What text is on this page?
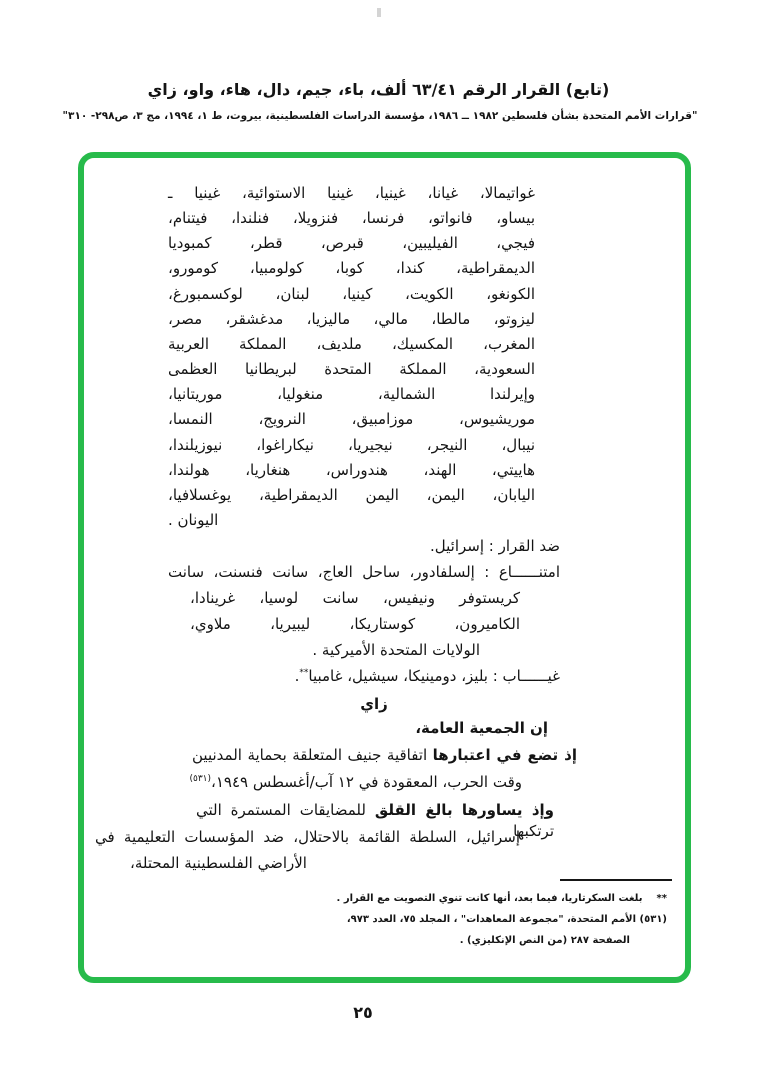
(تابع) القرار الرقم ٦٣/٤١ ألف، باء، جيم، دال، هاء، واو، زاي
"قرارات الأمم المتحدة بشأن فلسطين ١٩٨٢ ــ ١٩٨٦، مؤسسة الدراسات الفلسطينية، بيروت، ط ١، ١٩٩٤، مج ٣، ص٢٩٨- ٣١٠"
غواتيمالا، غيانا، غينيا، غينيا الاستوائية، غينيا ـ
بيساو، فانواتو، فرنسا، فنزويلا، فنلندا، فيتنام،
فيجي، الفيليبين، قبرص، قطر، كمبوديا
الديمقراطية، كندا، كوبا، كولومبيا، كومورو،
الكونغو، الكويت، كينيا، لبنان، لوكسمبورغ،
ليزوتو، مالطا، مالي، ماليزيا، مدغشقر، مصر،
المغرب، المكسيك، ملديف، المملكة العربية
السعودية، المملكة المتحدة لبريطانيا العظمى
وإيرلندا الشمالية، منغوليا، موريتانيا،
موريشيوس، موزامبيق، النرويج، النمسا،
نيبال، النيجر، نيجيريا، نيكاراغوا، نيوزيلندا،
هاييتي، الهند، هندوراس، هنغاريا، هولندا،
اليابان، اليمن، اليمن الديمقراطية، يوغسلافيا،
اليونان .
ضد القرار : إسرائيل.
امتنــــــاع : إلسلفادور، ساحل العاج، سانت فنسنت، سانت
كريستوفر ونيفيس، سانت لوسيا، غرينادا،
الكاميرون، كوستاريكا، ليبيريا، ملاوي،
الولايات المتحدة الأميركية .
غيــــــاب : بليز، دومينيكا، سيشيل، غامبيا**.
زاي
إن الجمعية العامة،
إذ تضع في اعتبارها اتفاقية جنيف المتعلقة بحماية المدنيين
وقت الحرب، المعقودة في ١٢ آب/أغسطس ١٩٤٩،$^{(٥٣١)}$
وإذ يساورها بالغ القلق للمضايقات المستمرة التي ترتكبها
إسرائيل، السلطة القائمة بالاحتلال، ضد المؤسسات التعليمية في
الأراضي الفلسطينية المحتلة،
**بلغت السكرتاريا، فيما بعد، أنها كانت تنوي التصويت مع القرار .
(٥٣١) الأمم المتحدة، "مجموعة المعاهدات" ، المجلد ٧٥، العدد ٩٧٣،
الصفحة ٢٨٧ (من النص الإنكليزي) .
٢٥
